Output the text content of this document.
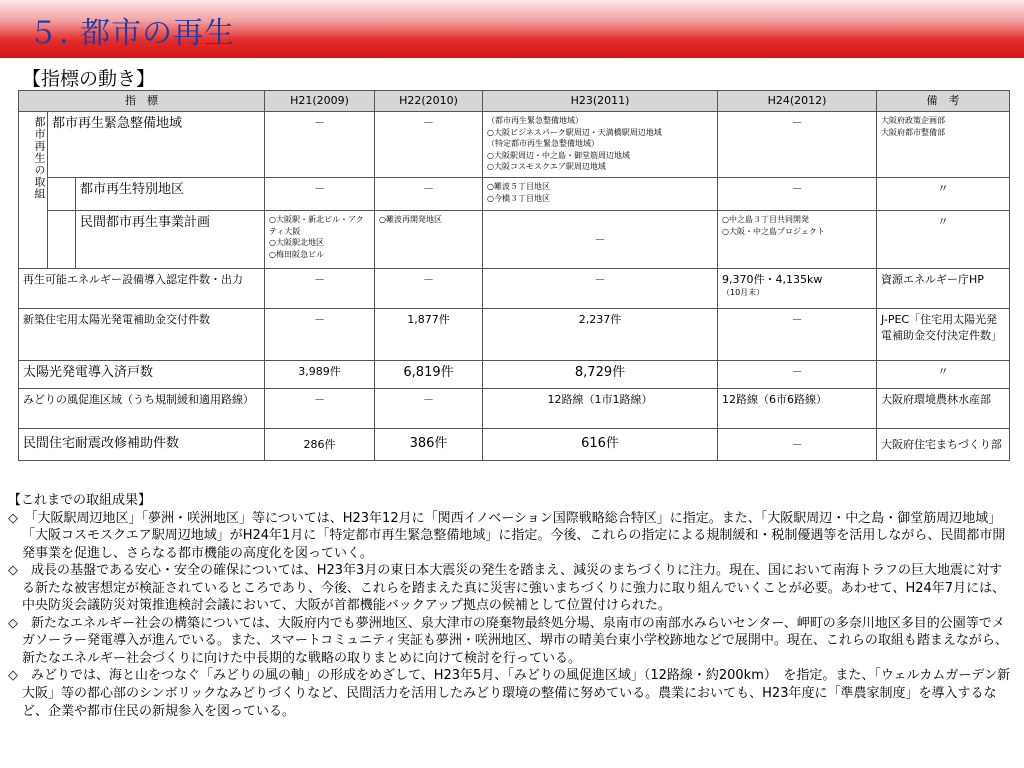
５. 都市の再生
【指標の動き】
指　標			H21(2009)	H22(2010)	H23(2011)	H24(2012)	備　考
都市再生の取組	都市再生緊急整備地域		－	－	（都市再生緊急整備地域）
○大阪ビジネスパーク駅周辺・天満橋駅周辺地域
（特定都市再生緊急整備地域）
○大阪駅周辺・中之島・御堂筋周辺地域
○大阪コスモスクエア駅周辺地域	－	大阪府政策企画部
大阪府都市整備部
		都市再生特別地区	－	－	○難波５丁目地区
○今橋３丁目地区	－	〃
		民間都市再生事業計画	○大阪駅・新北ビル・アクティ大阪
○大阪駅北地区
○梅田阪急ビル	○難波再開発地区	－	○中之島３丁目共同開発
○大阪・中之島プロジェクト	〃
再生可能エネルギー設備導入認定件数・出力			－	－	－	9,370件・4,135kw
（10月末）	資源エネルギー庁HP
新築住宅用太陽光発電補助金交付件数			－	1,877件	2,237件	－	J-PEC「住宅用太陽光発電補助金交付決定件数」
太陽光発電導入済戸数			3,989件	6,819件	8,729件	－	〃
みどりの風促進区域（うち規制緩和適用路線）			－	－	12路線（1市1路線）	12路線（6市6路線）	大阪府環境農林水産部
民間住宅耐震改修補助件数			286件	386件	616件	－	大阪府住宅まちづくり部

【これまでの取組成果】

◇　「大阪駅周辺地区」「夢洲・咲洲地区」等については、H23年12月に「関西イノベーション国際戦略総合特区」に指定。また、「大阪駅周辺・中之島・御堂筋周辺地域」「大阪コスモスクエア駅周辺地域」がH24年1月に「特定都市再生緊急整備地域」に指定。今後、これらの指定による規制緩和・税制優遇等を活用しながら、民間都市開発事業を促進し、さらなる都市機能の高度化を図っていく。

◇　成長の基盤である安心・安全の確保については、H23年3月の東日本大震災の発生を踏まえ、減災のまちづくりに注力。現在、国において南海トラフの巨大地震に対する新たな被害想定が検証されているところであり、今後、これらを踏まえた真に災害に強いまちづくりに強力に取り組んでいくことが必要。あわせて、H24年7月には、中央防災会議防災対策推進検討会議において、大阪が首都機能バックアップ拠点の候補として位置付けられた。

◇　新たなエネルギー社会の構築については、大阪府内でも夢洲地区、泉大津市の廃棄物最終処分場、泉南市の南部水みらいセンター、岬町の多奈川地区多目的公園等でメガソーラー発電導入が進んでいる。また、スマートコミュニティ実証も夢洲・咲洲地区、堺市の晴美台東小学校跡地などで展開中。現在、これらの取組も踏まえながら、新たなエネルギー社会づくりに向けた中長期的な戦略の取りまとめに向けて検討を行っている。

◇　みどりでは、海と山をつなぐ「みどりの風の軸」の形成をめざして、H23年5月、「みどりの風促進区域」（12路線・約200km）　を指定。また、「ウェルカムガーデン新大阪」等の都心部のシンボリックなみどりづくりなど、民間活力を活用したみどり環境の整備に努めている。農業においても、H23年度に「準農家制度」を導入するなど、企業や都市住民の新規参入を図っている。
